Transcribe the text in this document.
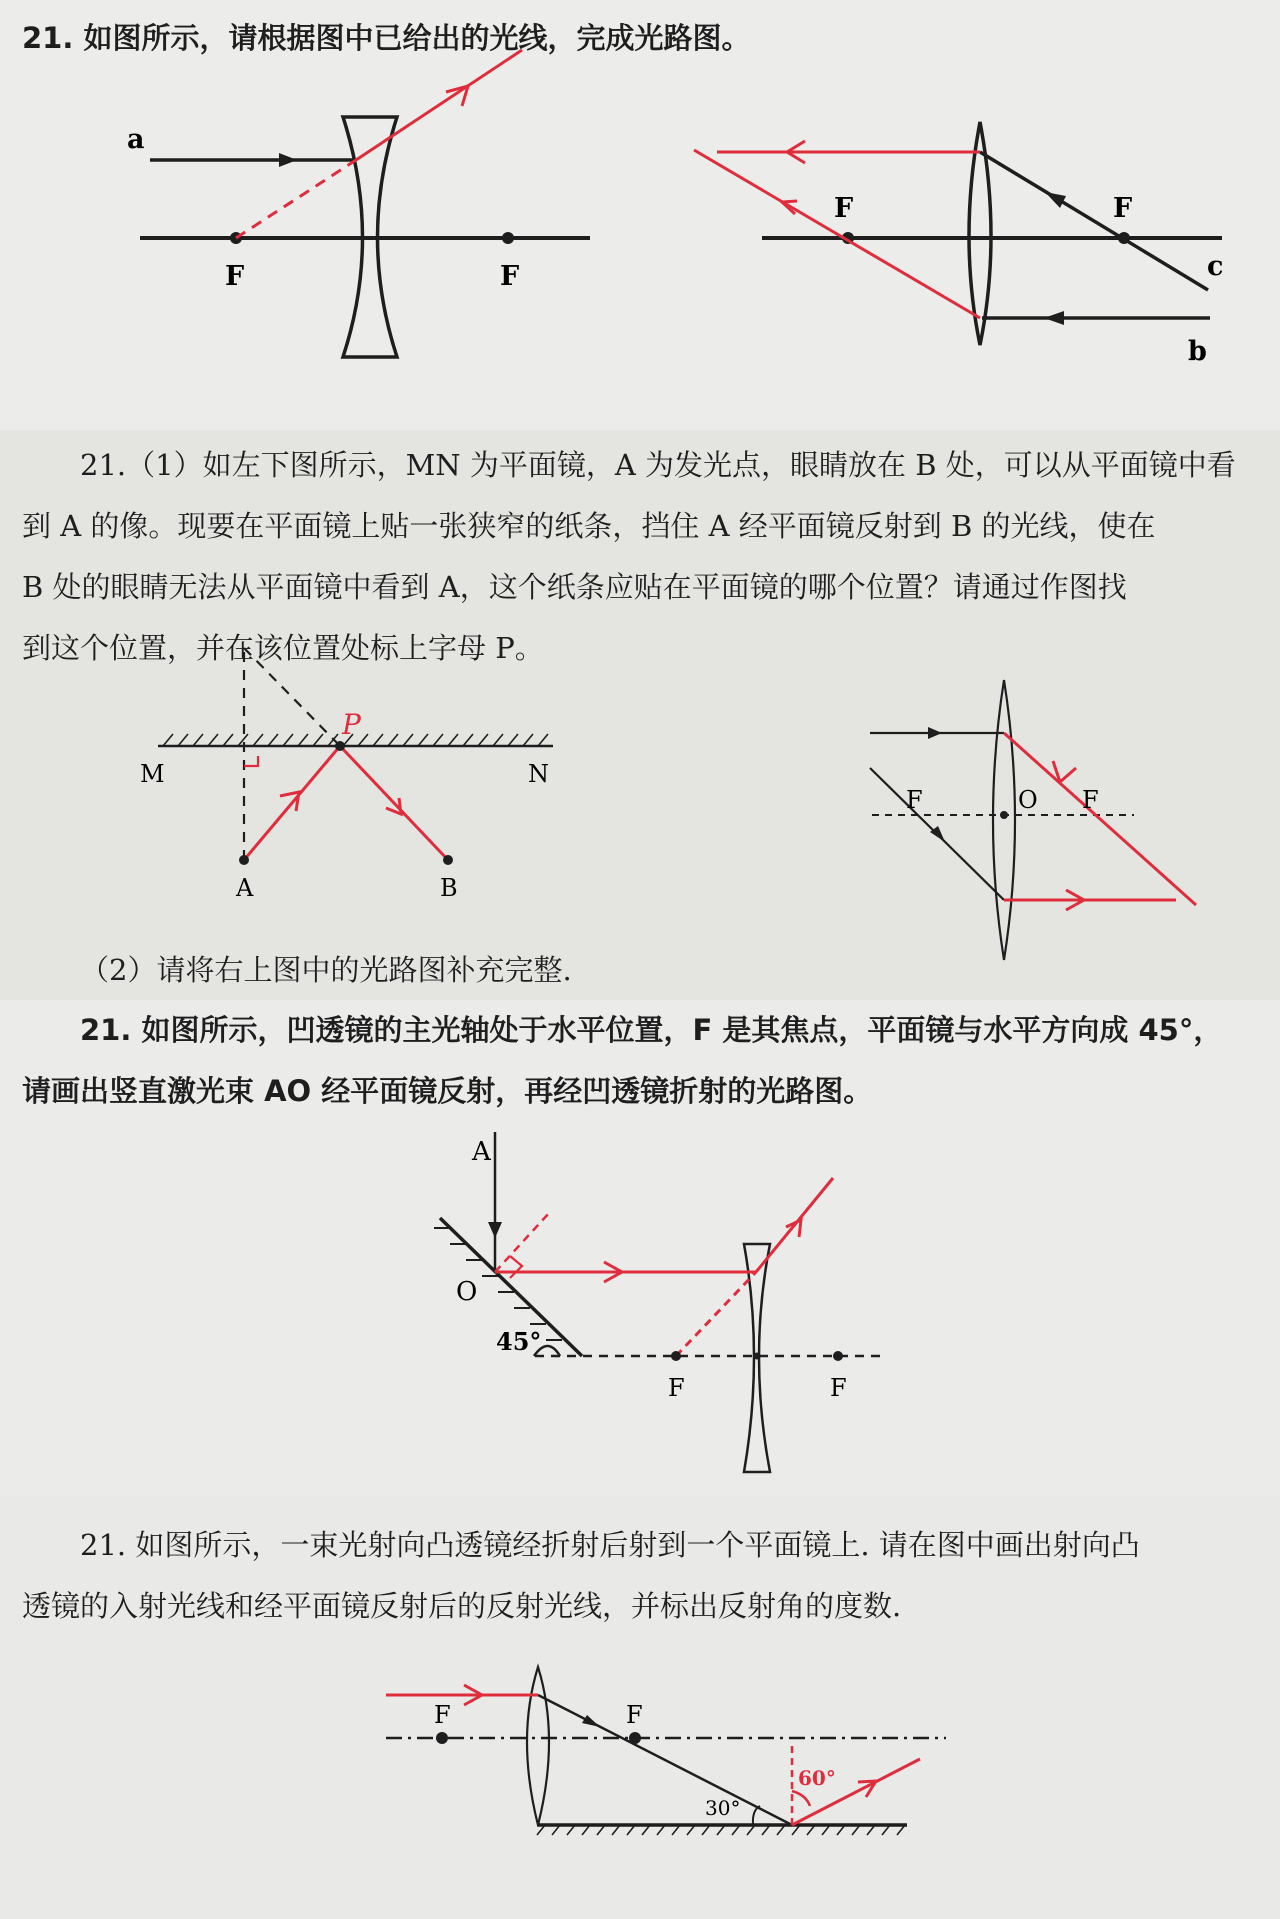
21. 如图所示，请根据图中已给出的光线，完成光路图。

a
F	F
F	F
c
b

21.（1）如左下图所示，MN 为平面镜，A 为发光点，眼睛放在 B 处，可以从平面镜中看
到 A 的像。现要在平面镜上贴一张狭窄的纸条，挡住 A 经平面镜反射到 B 的光线，使在
B 处的眼睛无法从平面镜中看到 A，这个纸条应贴在平面镜的哪个位置？请通过作图找
到这个位置，并在该位置处标上字母 P。

M	N
A	B
P
F	O F

（2）请将右上图中的光路图补充完整.

21. 如图所示，凹透镜的主光轴处于水平位置，F 是其焦点，平面镜与水平方向成 45°，
请画出竖直激光束 AO 经平面镜反射，再经凹透镜折射的光路图。

A
O
45°
F	F

21. 如图所示，一束光射向凸透镜经折射后射到一个平面镜上. 请在图中画出射向凸
透镜的入射光线和经平面镜反射后的反射光线，并标出反射角的度数.

F	F
30°
60°
